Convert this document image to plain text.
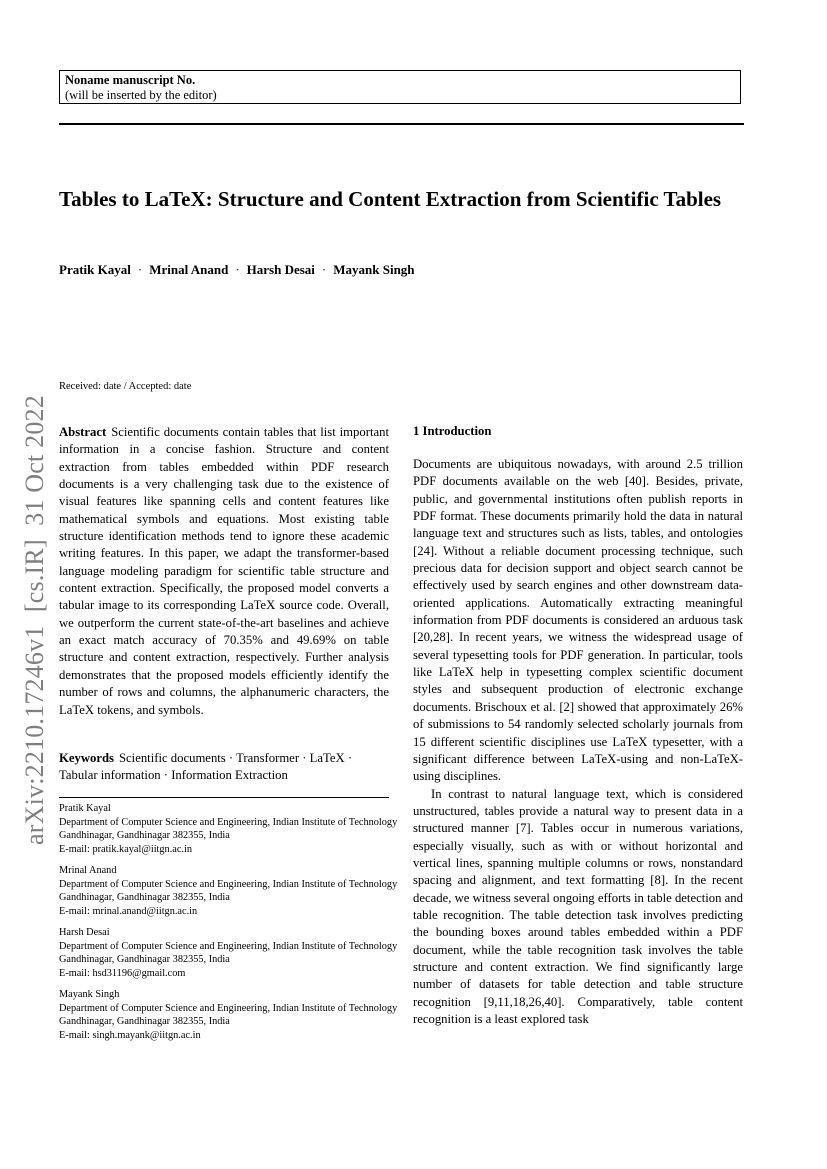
Noname manuscript No.
(will be inserted by the editor)
Tables to LaTeX: Structure and Content Extraction from Scientific Tables
Pratik Kayal · Mrinal Anand · Harsh Desai · Mayank Singh
arXiv:2210.17246v1  [cs.IR]  31 Oct 2022
Received: date / Accepted: date

Abstract Scientific documents contain tables that list important information in a concise fashion. Structure and content extraction from tables embedded within PDF research documents is a very challenging task due to the existence of visual features like spanning cells and content features like mathematical symbols and equations. Most existing table structure identification methods tend to ignore these academic writing features. In this paper, we adapt the transformer-based language modeling paradigm for scientific table structure and content extraction. Specifically, the proposed model converts a tabular image to its corresponding LaTeX source code. Overall, we outperform the current state-of-the-art baselines and achieve an exact match accuracy of 70.35% and 49.69% on table structure and content extraction, respectively. Further analysis demonstrates that the proposed models efficiently identify the number of rows and columns, the alphanumeric characters, the LaTeX tokens, and symbols.

Keywords Scientific documents · Transformer · LaTeX · Tabular information · Information Extraction
Pratik Kayal
Department of Computer Science and Engineering, Indian Institute of Technology Gandhinagar, Gandhinagar 382355, India
E-mail: pratik.kayal@iitgn.ac.in
Mrinal Anand
Department of Computer Science and Engineering, Indian Institute of Technology Gandhinagar, Gandhinagar 382355, India
E-mail: mrinal.anand@iitgn.ac.in
Harsh Desai
Department of Computer Science and Engineering, Indian Institute of Technology Gandhinagar, Gandhinagar 382355, India
E-mail: hsd31196@gmail.com
Mayank Singh
Department of Computer Science and Engineering, Indian Institute of Technology Gandhinagar, Gandhinagar 382355, India
E-mail: singh.mayank@iitgn.ac.in
1 Introduction

Documents are ubiquitous nowadays, with around 2.5 trillion PDF documents available on the web [40]. Besides, private, public, and governmental institutions often publish reports in PDF format. These documents primarily hold the data in natural language text and structures such as lists, tables, and ontologies [24]. Without a reliable document processing technique, such precious data for decision support and object search cannot be effectively used by search engines and other downstream data-oriented applications. Automatically extracting meaningful information from PDF documents is considered an arduous task [20,28]. In recent years, we witness the widespread usage of several typesetting tools for PDF generation. In particular, tools like LaTeX help in typesetting complex scientific document styles and subsequent production of electronic exchange documents. Brischoux et al. [2] showed that approximately 26% of submissions to 54 randomly selected scholarly journals from 15 different scientific disciplines use LaTeX typesetter, with a significant difference between LaTeX-using and non-LaTeX-using disciplines.

In contrast to natural language text, which is considered unstructured, tables provide a natural way to present data in a structured manner [7]. Tables occur in numerous variations, especially visually, such as with or without horizontal and vertical lines, spanning multiple columns or rows, nonstandard spacing and alignment, and text formatting [8]. In the recent decade, we witness several ongoing efforts in table detection and table recognition. The table detection task involves predicting the bounding boxes around tables embedded within a PDF document, while the table recognition task involves the table structure and content extraction. We find significantly large number of datasets for table detection and table structure recognition [9,11,18,26,40]. Comparatively, table content recognition is a least explored task
